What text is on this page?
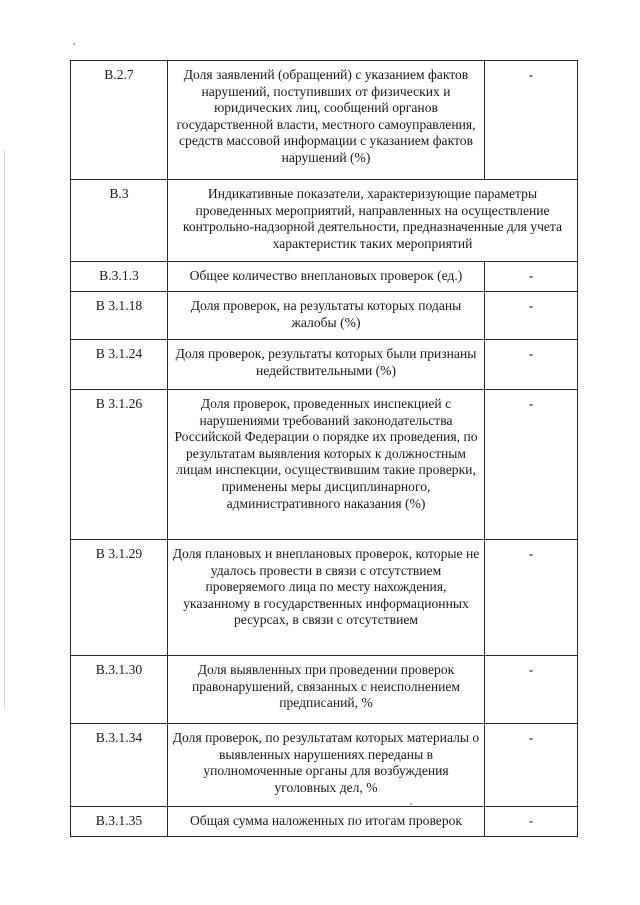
В.2.7	Доля заявлений (обращений) с указанием фактов нарушений, поступивших от физических и юридических лиц, сообщений органов государственной власти, местного самоуправления, средств массовой информации с указанием фактов нарушений (%)	-
В.3	Индикативные показатели, характеризующие параметры проведенных мероприятий, направленных на осуществление контрольно-надзорной деятельности, предназначенные для учета характеристик таких мероприятий	
В.3.1.3	Общее количество внеплановых проверок (ед.)	-
В 3.1.18	Доля проверок, на результаты которых поданы жалобы (%)	-
В 3.1.24	Доля проверок, результаты которых были признаны недействительными (%)	-
В 3.1.26	Доля проверок, проведенных инспекцией с нарушениями требований законодательства Российской Федерации о порядке их проведения, по результатам выявления которых к должностным лицам инспекции, осуществившим такие проверки, применены меры дисциплинарного, административного наказания (%)	-
В 3.1.29	Доля плановых и внеплановых проверок, которые не удалось провести в связи с отсутствием проверяемого лица по месту нахождения, указанному в государственных информационных ресурсах, в связи с отсутствием	-
В.3.1.30	Доля выявленных при проведении проверок правонарушений, связанных с неисполнением предписаний, %	-
В.3.1.34	Доля проверок, по результатам которых материалы о выявленных нарушениях переданы в уполномоченные органы для возбуждения уголовных дел, %	-
В.3.1.35	Общая сумма наложенных по итогам проверок	-
